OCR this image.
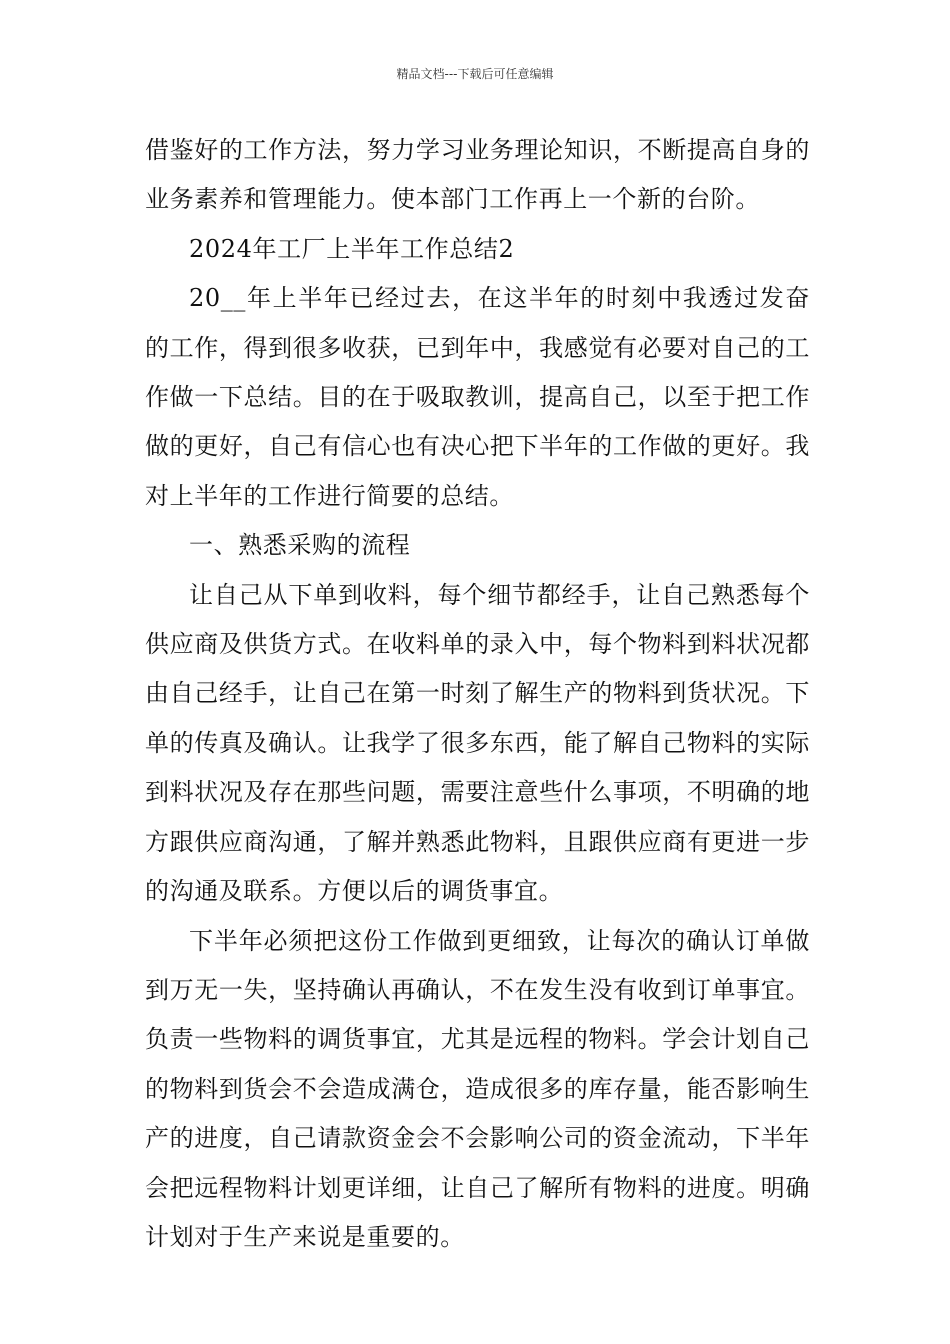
精品文档---下载后可任意编辑

借鉴好的工作方法，努力学习业务理论知识，不断提高自身的业务素养和管理能力。使本部门工作再上一个新的台阶。

2024年工厂上半年工作总结2

20__年上半年已经过去，在这半年的时刻中我透过发奋的工作，得到很多收获，已到年中，我感觉有必要对自己的工作做一下总结。目的在于吸取教训，提高自己，以至于把工作做的更好，自己有信心也有决心把下半年的工作做的更好。我对上半年的工作进行简要的总结。

一、熟悉采购的流程

让自己从下单到收料，每个细节都经手，让自己熟悉每个供应商及供货方式。在收料单的录入中，每个物料到料状况都由自己经手，让自己在第一时刻了解生产的物料到货状况。下单的传真及确认。让我学了很多东西，能了解自己物料的实际到料状况及存在那些问题，需要注意些什么事项，不明确的地方跟供应商沟通，了解并熟悉此物料，且跟供应商有更进一步的沟通及联系。方便以后的调货事宜。

下半年必须把这份工作做到更细致，让每次的确认订单做到万无一失，坚持确认再确认，不在发生没有收到订单事宜。负责一些物料的调货事宜，尤其是远程的物料。学会计划自己的物料到货会不会造成满仓，造成很多的库存量，能否影响生产的进度，自己请款资金会不会影响公司的资金流动，下半年会把远程物料计划更详细，让自己了解所有物料的进度。明确计划对于生产来说是重要的。
